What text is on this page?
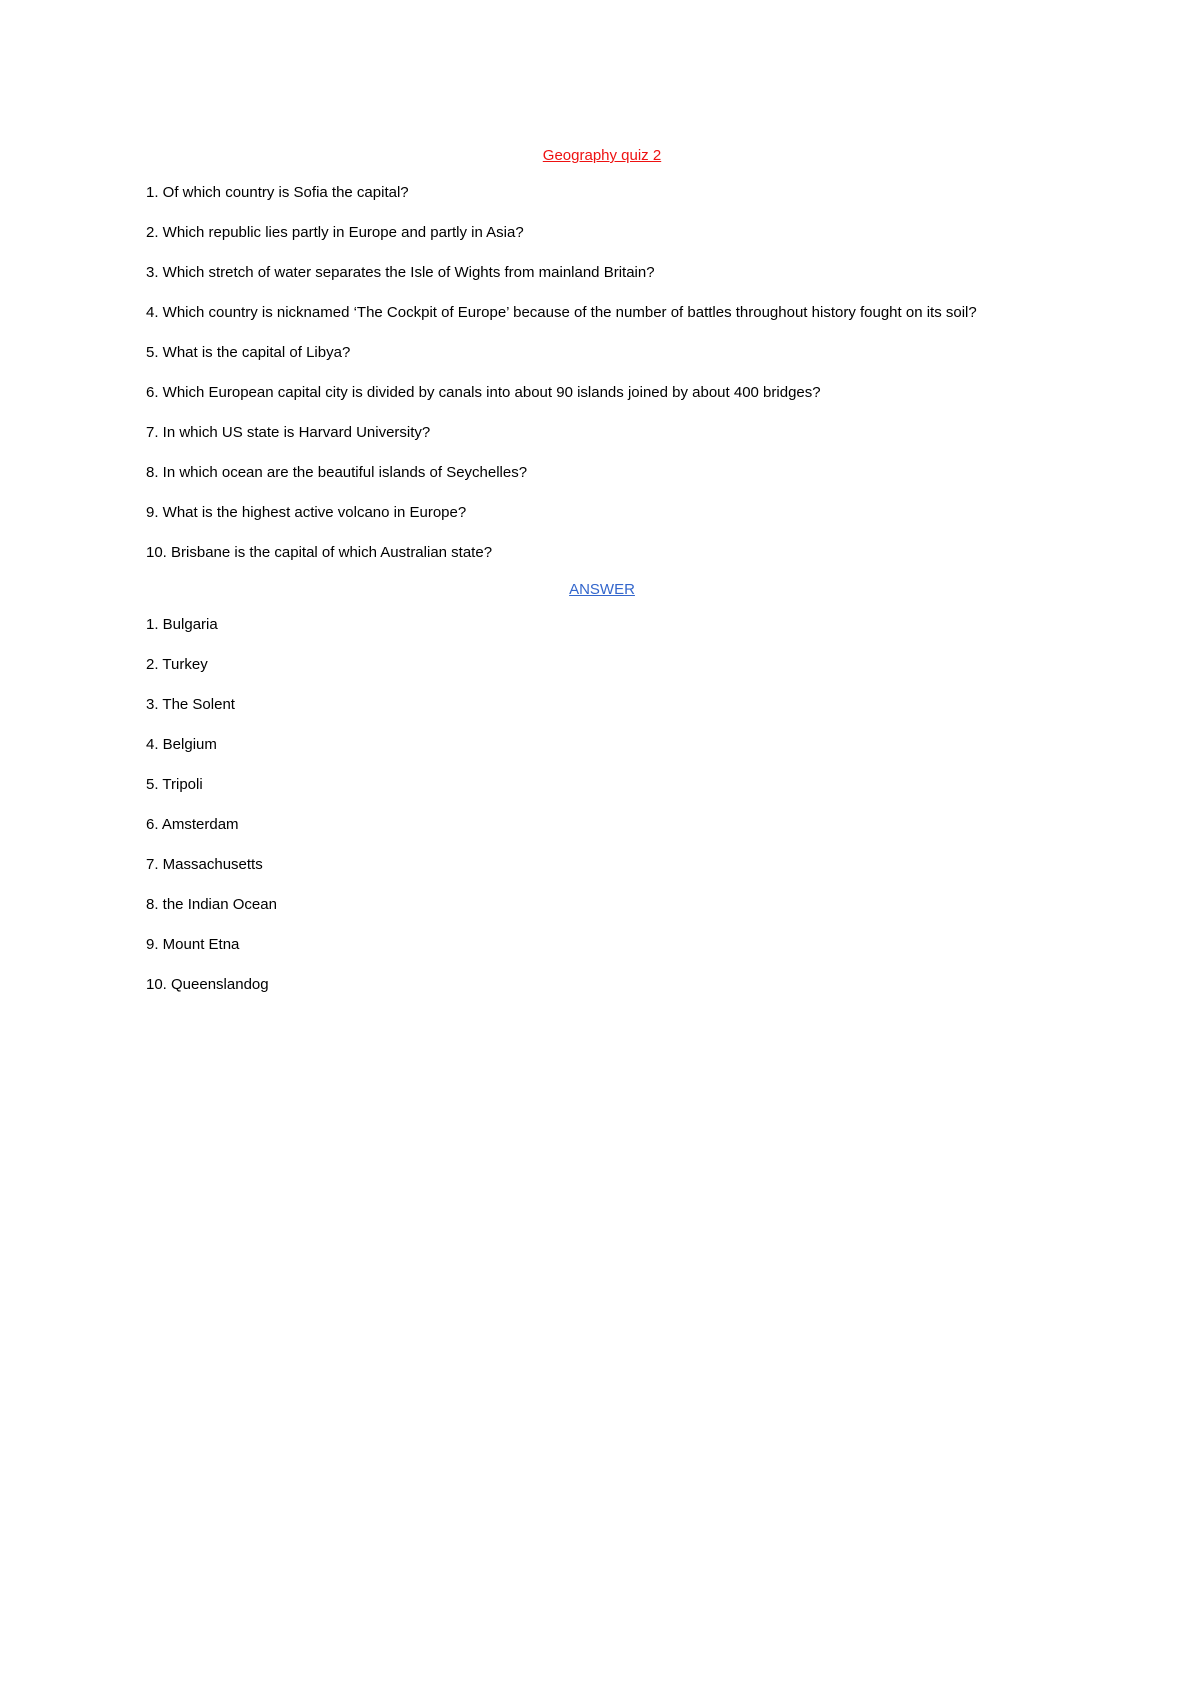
Geography quiz 2
1. Of which country is Sofia the capital?
2. Which republic lies partly in Europe and partly in Asia?
3. Which stretch of water separates the Isle of Wights from mainland Britain?
4. Which country is nicknamed ‘The Cockpit of Europe’ because of the number of battles throughout history fought on its soil?
5. What is the capital of Libya?
6. Which European capital city is divided by canals into about 90 islands joined by about 400 bridges?
7. In which US state is Harvard University?
8. In which ocean are the beautiful islands of Seychelles?
9. What is the highest active volcano in Europe?
10. Brisbane is the capital of which Australian state?
ANSWER
1. Bulgaria
2. Turkey
3. The Solent
4. Belgium
5. Tripoli
6. Amsterdam
7. Massachusetts
8. the Indian Ocean
9. Mount Etna
10. Queenslandog
